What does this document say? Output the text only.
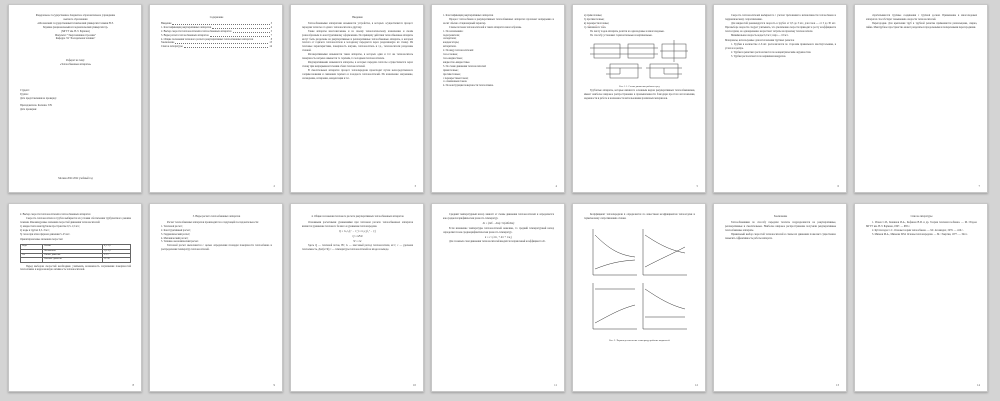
Федеральное государственное бюджетное образовательное учреждение
высшего образования
«Московский государственный технический университет имени Н.Э.
Баумана (национальный исследовательский университет)»
(МГТУ им. Н.Э. Баумана)
Факультет "Энергомашиностроение"
Кафедра Э4 "Холодильная техника"
Реферат на тему:
«Теплообменные аппараты»
Студент:
Группа:
Дата представления на проверку:
Преподаватель: Калашн. Г.Н.
Дата проверки:
Москва 2021/2022 учебный год
Содержание
Введение	3
1. Классификация рекуперативных аппаратов	4
2. Выбор скорости теплоносителей в теплообменных аппаратах	5
3. Виды расчета теплообменных аппаратов	7
4. Общие положения теплового расчета рекуперативных теплообменных аппаратов	8
Заключение	13
Список литературы	14
2
Введение

Теплообменными аппаратами называются устройства, в которых осуществляется процесс передачи теплоты от одного теплоносителя к другому.

Такие аппараты многочисленны и по своему технологическому назначению и своим разнообразным по конструктивному оформлению. По принципу действия теплообменные аппараты могут быть разделены на рекуперативные и регенеративные теплообменные аппараты, в которых теплота от горячего теплоносителя к холодному передается через разделяющую их стенку. Их тепловые характеристики, поверхность нагрева, теплоноситель и т.д., теплоносители разделены стенкой.

Регенеративными называются такие аппараты, в которых один и тот же теплоноситель поверхность нагрева омывается то горячим, то холодным теплоносителем.

Рекуперативными называются аппараты, в которых передача теплоты осуществляется через стенку при непрерывном течении обоих теплоносителей.

В смесительных аппаратах процесс теплопередачи происходит путем непосредственного соприкосновения и смешения горячего и холодного теплоносителей. Их назначение: нагревание, охлаждение, испарение, конденсация и т.п.

3
1. Классификация рекуперативных аппаратов

Процесс теплообмена в рекуперативных теплообменных аппаратах протекает непрерывно и носит обычно стационарный характер.

Схемы потоков теплоносителей в таких аппаратах многообразны.

1. По назначению:
подогреватели;
охладители;
конденсаторы;
испарители.
2. По виду теплоносителей:
газо-газовые;
газо-жидкостные;
жидкостно-жидкостные.
3. По схеме движения теплоносителей:
прямоточные;
противоточные;
с перекрестным током;
со смешанным током.
4. По конструкции поверхности теплообмена.
4
а) прямоточные;
б) противоточные;
в) перекрестноточные;
г) смешанного тока.

По числу ходов аппараты делятся на одноходовые и многоходовые.

По способу установки: горизонтальные и вертикальные.

Рис. 1.1. Схемы движения рабочих сред

Трубчатые аппараты, которые являются основным видом рекуперативных теплообменников, имеют наиболее широкое распространение в промышленности благодаря простоте изготовления, надежности в работе и возможности использования различных материалов.

5

Скорость теплоносителей выбирается с учетом требований к интенсивности теплообмена и гидравлическому сопротивлению.

Для жидкостей рекомендуется скорость в трубах от 0,5 до 3 м/с, для газов — от 5 до 30 м/с. При выборе скорости следует учитывать, что увеличение скорости приводит к росту коэффициента теплоотдачи, но одновременно возрастают затраты на прокачку теплоносителя.

Минимальная скорость воды 0,2 м/с; пара — 10 м/с.

Материалы, используемые для изготовления трубных решеток

1. Трубки в количестве 2–6 шт. располагаются по сторонам правильного шестиугольника, в углах и в центре.

2. Трубки в решетках располагаются по концентрическим окружностям.

3. Трубки располагаются по вершинам квадратов.

6

обрабатываются трубные соединения с трубной доской. Применение в многоходовых аппаратах способствует повышению скорости теплоносителей.

Перегородки. Для крепления труб в трубной решетке применяются развальцовка, сварка, пайка. Межтрубное пространство может разделяться продольными и поперечными перегородками.

7
2. Выбор скорости теплоносителей в теплообменных аппаратах

Скорость теплоносителя в трубах выбирается из условия обеспечения турбулентного режима течения. Рекомендуемые значения скоростей движения теплоносителей:

1) жидкостей в межтрубном пространстве 0,3–1,5 м/с;
2) воды в трубах 0,5–3 м/с;
3) газов при атмосферном давлении 5–25 м/с.
Ориентировочные значения скоростей
Вода	Вязкие	0,5–1,0
	Маловязкие	1,0–3,0
Газ	Низкое давление	5–15
	Высокое давление	15–30

Перед выбором скоростей необходимо учитывать возможность загрязнения поверхностей теплообмена и коррозионную активность теплоносителей.

8
3. Виды расчета теплообменных аппаратов

Расчет теплообменных аппаратов производится в следующей последовательности:

1. Тепловой расчет;
2. Конструктивный расчет;
3. Гидравлический расчет;
4. Механический расчет;
5. Технико-экономический расчет.

Тепловой расчет выполняется с целью определения площади поверхности теплообмена и распределения температур теплоносителей.

9
4. Общие положения теплового расчета рекуперативных теплообменных аппаратов

Основными расчетными уравнениями при тепловом расчете теплообменных аппаратов являются уравнение теплового баланса и уравнение теплопередачи.

Q = G₁c₁(t₁′ − t₁″) = G₂c₂(t₂″ − t₂′)
Q = kFΔt
W = Gc

Здесь Q — тепловой поток, Вт; G — массовый расход теплоносителя, кг/с; c — удельная теплоемкость, Дж/(кг·К); t — температуры теплоносителей на входе и выходе.

10

Средний температурный напор зависит от схемы движения теплоносителей и определяется как среднелогарифмическая разность температур.

Δt = (Δtб − Δtм) / ln(Δtб/Δtм)

Если изменение температуры теплоносителей невелико, то средний температурный напор определяется как среднеарифметическая разность температур.

k = 1 / (1/α₁ + δ/λ + 1/α₂)

Для сложных схем движения теплоносителей вводится поправочный коэффициент εΔt.

11

Коэффициент теплопередачи k определяется по известным коэффициентам теплоотдачи и термическому сопротивлению стенки.

Рис. 2. Характер изменения температур рабочих жидкостей
12
Заключение

Теплообменники по способу передачи теплоты подразделяются на рекуперативные, регенеративные и смесительные. Наиболее широкое распространение получили рекуперативные теплообменные аппараты.

Правильный выбор скоростей теплоносителей и схемы их движения позволяет существенно повысить эффективность работы аппарата.

13
Список литературы

1. Исаев С.И., Кожинов И.А., Кофанов В.И. и др. Теория тепломассообмена. — М.: Изд-во МГТУ им. Н.Э. Баумана, 1997. — 683 с.

2. Кутателадзе С.С. Основы теории теплообмена. — М.: Атомиздат, 1979. — 416 с.

3. Михеев М.А., Михеева И.М. Основы теплопередачи. — М.: Энергия, 1977. — 344 с.

14
